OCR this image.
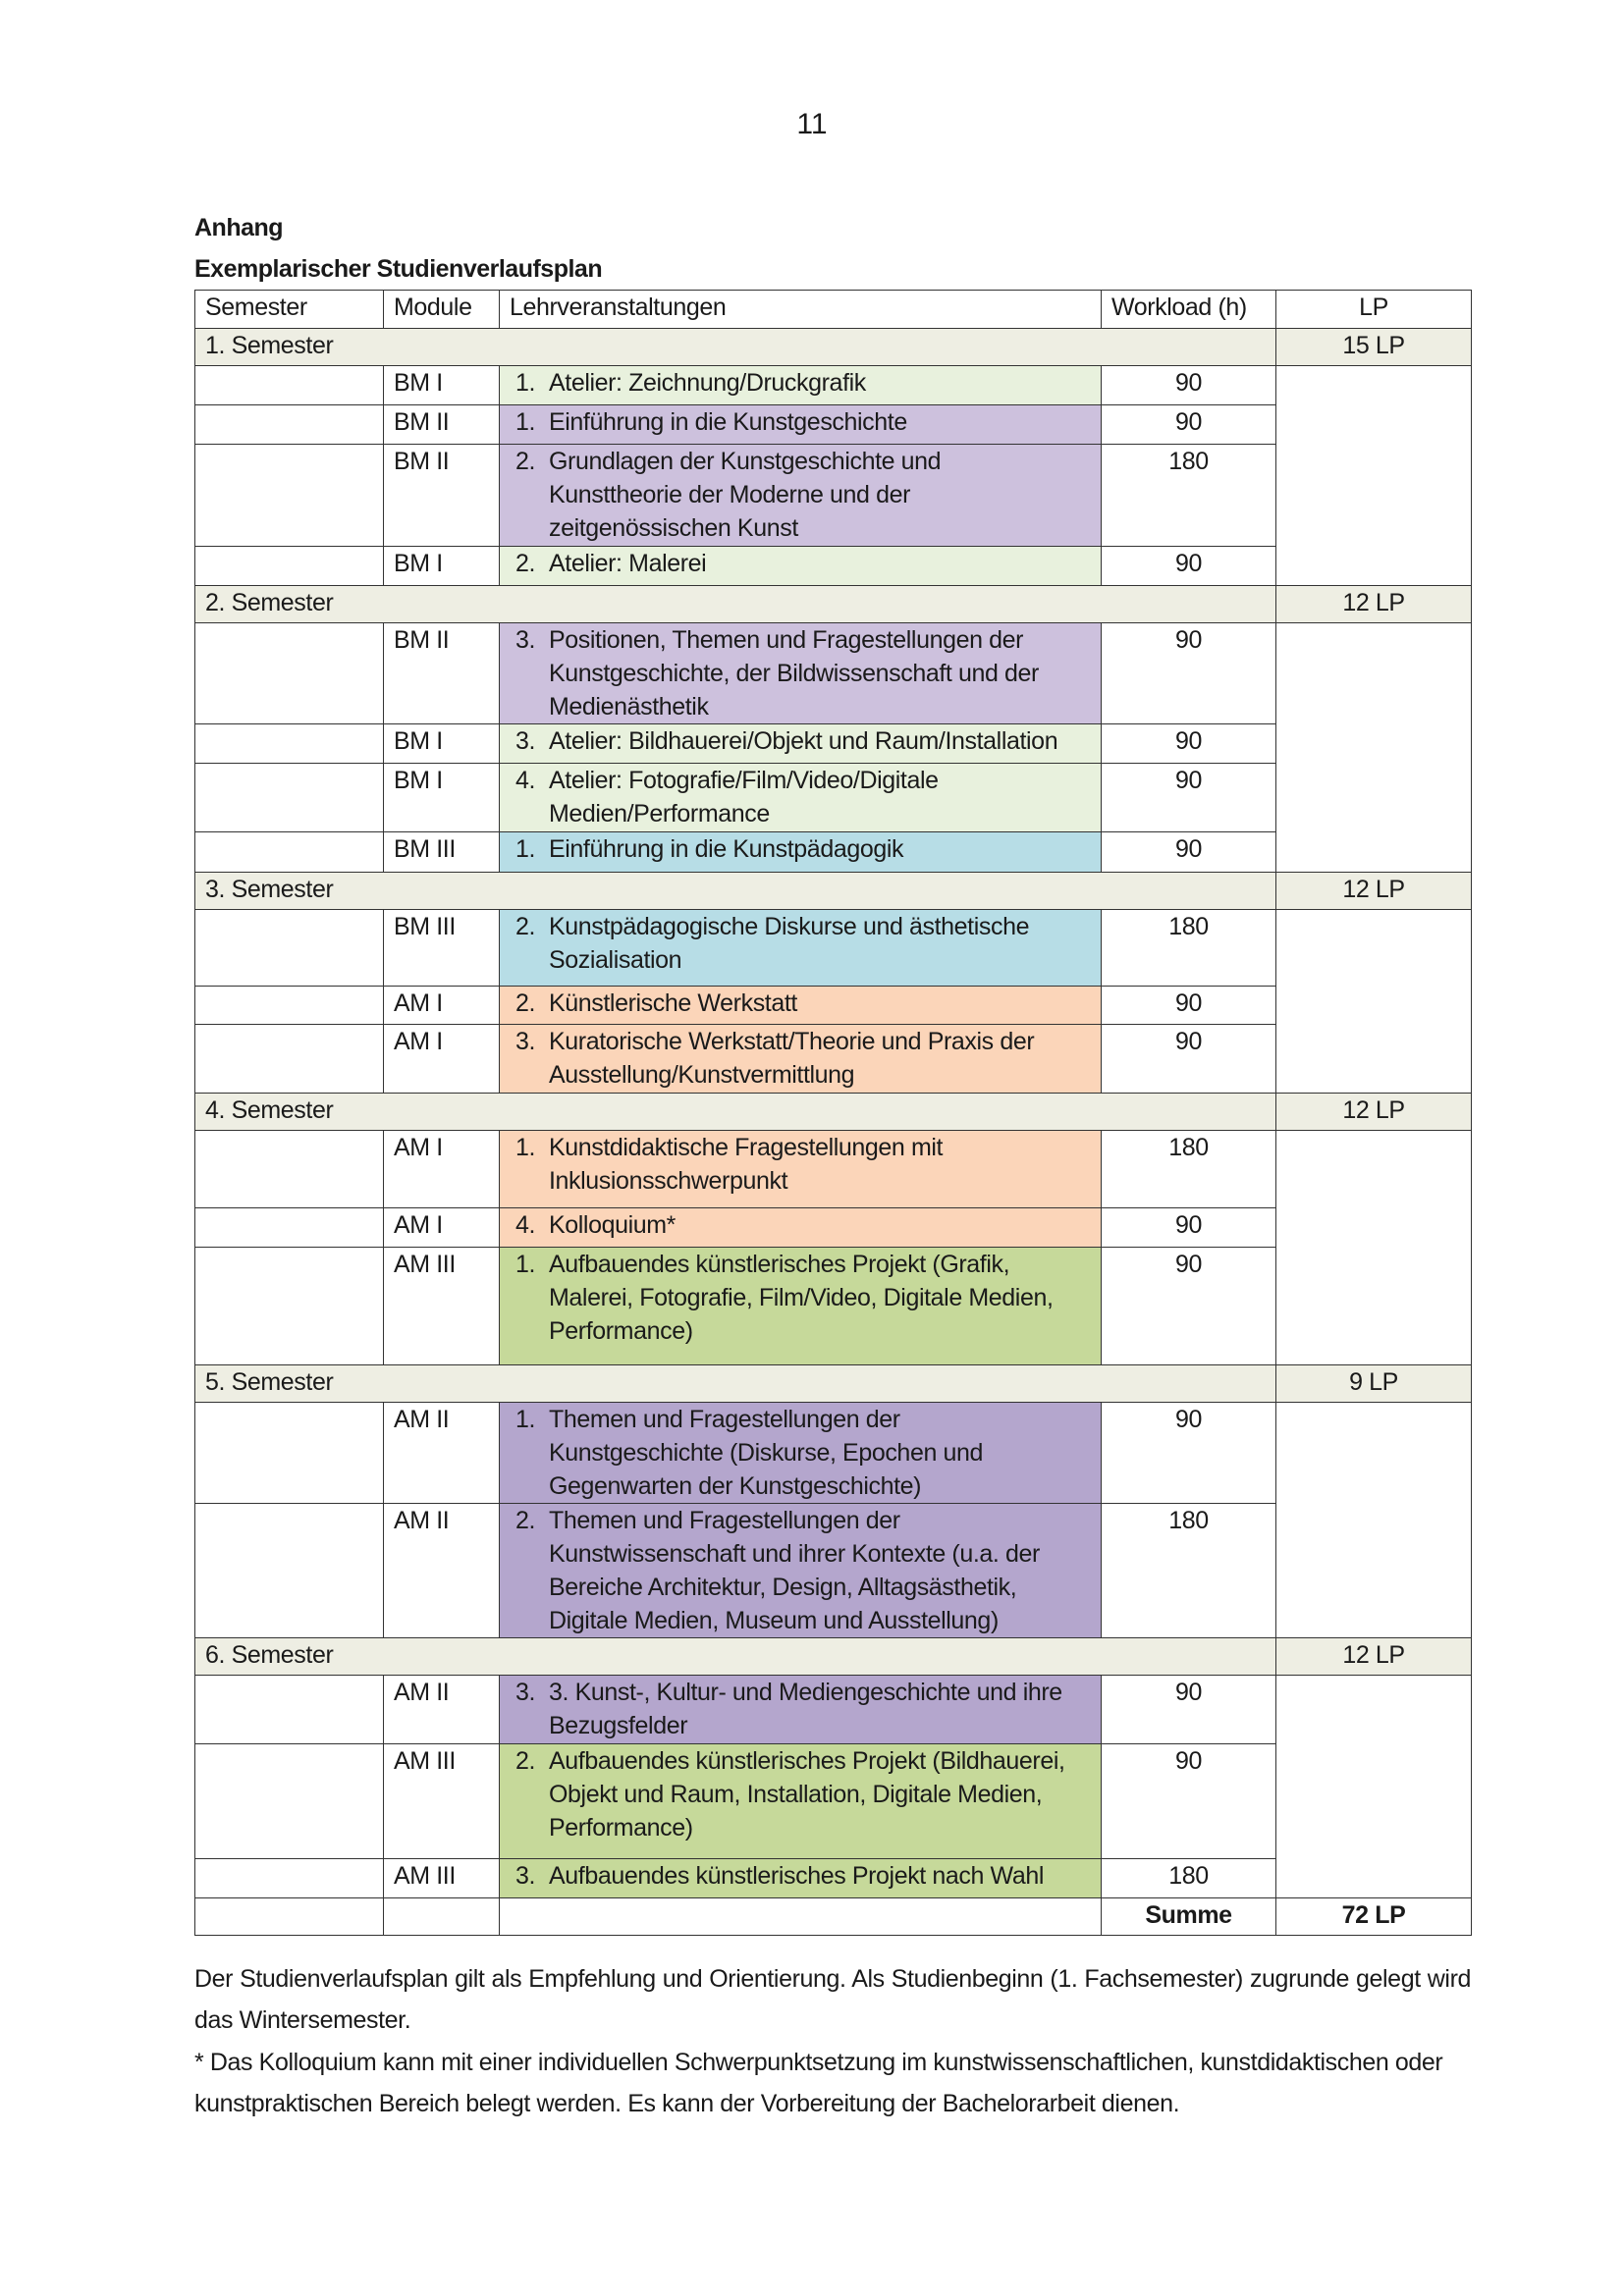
11
Anhang
Exemplarischer Studienverlaufsplan
Semester	Module	Lehrveranstaltungen	Workload (h)	LP
1. Semester				15 LP
	BM I	1. Atelier: Zeichnung/Druckgrafik	90	
	BM II	1. Einführung in die Kunstgeschichte	90	
	BM II	2. Grundlagen der Kunstgeschichte und
Kunsttheorie der Moderne und der
zeitgenössischen Kunst	180	
	BM I	2. Atelier: Malerei	90	
2. Semester				12 LP
	BM II	3. Positionen, Themen und Fragestellungen der
Kunstgeschichte, der Bildwissenschaft und der
Medienästhetik	90	
	BM I	3. Atelier: Bildhauerei/Objekt und Raum/Installation	90	
	BM I	4. Atelier: Fotografie/Film/Video/Digitale
Medien/Performance	90	
	BM III	1. Einführung in die Kunstpädagogik	90	
3. Semester				12 LP
	BM III	2. Kunstpädagogische Diskurse und ästhetische
Sozialisation	180	
	AM I	2. Künstlerische Werkstatt	90	
	AM I	3. Kuratorische Werkstatt/Theorie und Praxis der
Ausstellung/Kunstvermittlung	90	
4. Semester				12 LP
	AM I	1. Kunstdidaktische Fragestellungen mit
Inklusionsschwerpunkt	180	
	AM I	4. Kolloquium*	90	
	AM III	1. Aufbauendes künstlerisches Projekt (Grafik,
Malerei, Fotografie, Film/Video, Digitale Medien,
Performance)	90	
5. Semester				9 LP
	AM II	1. Themen und Fragestellungen der
Kunstgeschichte (Diskurse, Epochen und
Gegenwarten der Kunstgeschichte)	90	
	AM II	2. Themen und Fragestellungen der
Kunstwissenschaft und ihrer Kontexte (u.a. der
Bereiche Architektur, Design, Alltagsästhetik,
Digitale Medien, Museum und Ausstellung)	180	
6. Semester				12 LP
	AM II	3. 3. Kunst-, Kultur- und Mediengeschichte und ihre
Bezugsfelder	90	
	AM III	2. Aufbauendes künstlerisches Projekt (Bildhauerei,
Objekt und Raum, Installation, Digitale Medien,
Performance)	90	
	AM III	3. Aufbauendes künstlerisches Projekt nach Wahl	180	
			Summe	72 LP
Der Studienverlaufsplan gilt als Empfehlung und Orientierung. Als Studienbeginn (1. Fachsemester) zugrunde gelegt wird das Wintersemester.
* Das Kolloquium kann mit einer individuellen Schwerpunktsetzung im kunstwissenschaftlichen, kunstdidaktischen oder kunstpraktischen Bereich belegt werden. Es kann der Vorbereitung der Bachelorarbeit dienen.
